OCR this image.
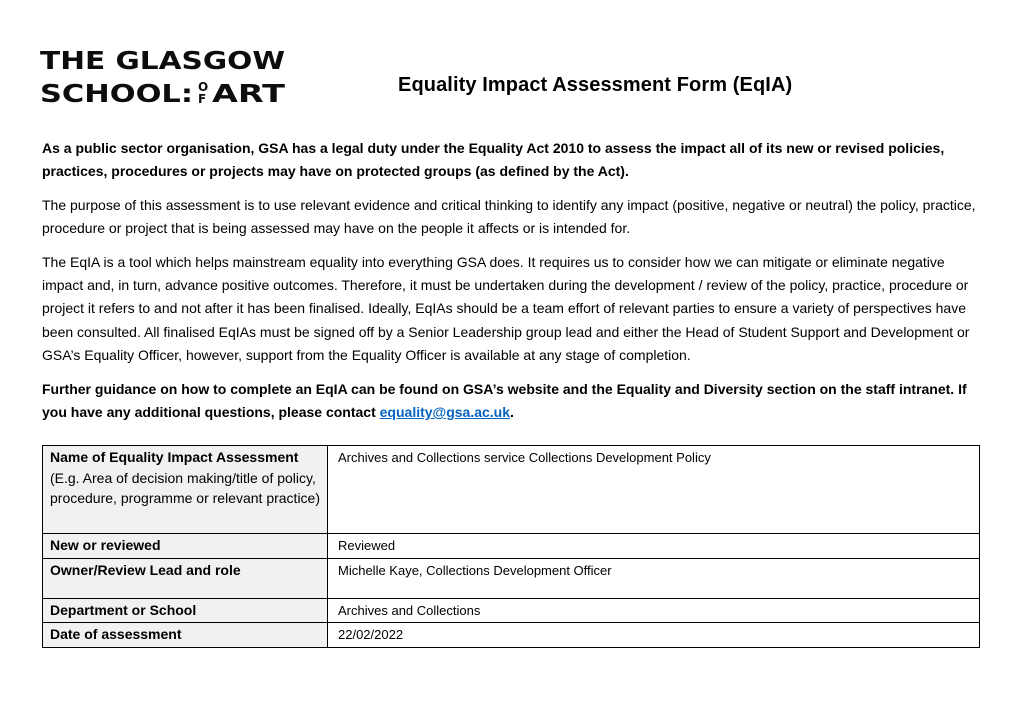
THE GLASGOW
SCHOOL: O
F ART	Equality Impact Assessment Form (EqIA)

As a public sector organisation, GSA has a legal duty under the Equality Act 2010 to assess the impact all of its new or revised policies, practices, procedures or projects may have on protected groups (as defined by the Act).

The purpose of this assessment is to use relevant evidence and critical thinking to identify any impact (positive, negative or neutral) the policy, practice, procedure or project that is being assessed may have on the people it affects or is intended for.

The EqIA is a tool which helps mainstream equality into everything GSA does. It requires us to consider how we can mitigate or eliminate negative impact and, in turn, advance positive outcomes. Therefore, it must be undertaken during the development / review of the policy, practice, procedure or project it refers to and not after it has been finalised. Ideally, EqIAs should be a team effort of relevant parties to ensure a variety of perspectives have been consulted. All finalised EqIAs must be signed off by a Senior Leadership group lead and either the Head of Student Support and Development or GSA’s Equality Officer, however, support from the Equality Officer is available at any stage of completion.

Further guidance on how to complete an EqIA can be found on GSA’s website and the Equality and Diversity section on the staff intranet. If you have any additional questions, please contact equality@gsa.ac.uk.

Name of Equality Impact Assessment (E.g. Area of decision making/title of policy, procedure, programme or relevant practice)	Archives and Collections service Collections Development Policy
New or reviewed	Reviewed
Owner/Review Lead and role	Michelle Kaye, Collections Development Officer
Department or School	Archives and Collections
Date of assessment	22/02/2022
